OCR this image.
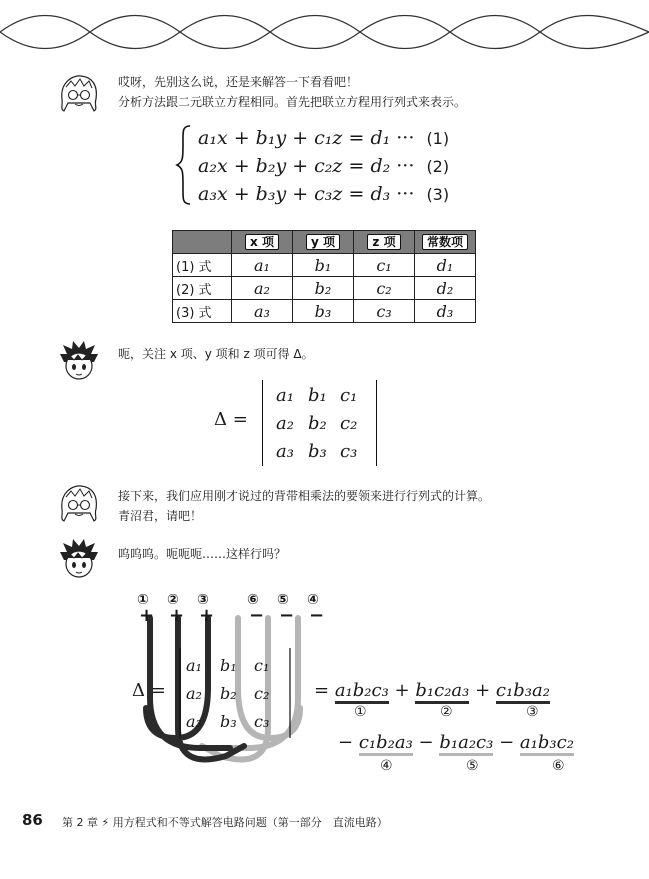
哎呀，先别这么说，还是来解答一下看看吧！
分析方法跟二元联立方程相同。首先把联立方程用行列式来表示。
a₁x + b₁y + c₁z = d₁ ··· (1)
a₂x + b₂y + c₂z = d₂ ··· (2)
a₃x + b₃y + c₃z = d₃ ··· (3)
	x 项	y 项	z 项	常数项
(1) 式	a₁	b₁	c₁	d₁
(2) 式	a₂	b₂	c₂	d₂
(3) 式	a₃	b₃	c₃	d₃
呃，关注 x 项、y 项和 z 项可得 Δ。
Δ =
a₁ b₁ c₁
a₂ b₂ c₂
a₃ b₃ c₃
接下来，我们应用刚才说过的背带相乘法的要领来进行行列式的计算。
青沼君，请吧！
呜呜呜。呃呃呃……这样行吗？
① ② ③	⑥ ⑤ ④
+ + + − − −
a₁ b₁ c₁
a₂ b₂ c₂
a₃ b₃ c₃
Δ =	= a₁b₂c₃ + b₁c₂a₃ + c₁b₃a₂
①	②	③
− c₁b₂a₃ − b₁a₂c₃ − a₁b₃c₂
④	⑤	⑥
86 第 2 章 ⚡ 用方程式和不等式解答电路问题（第一部分　直流电路）
